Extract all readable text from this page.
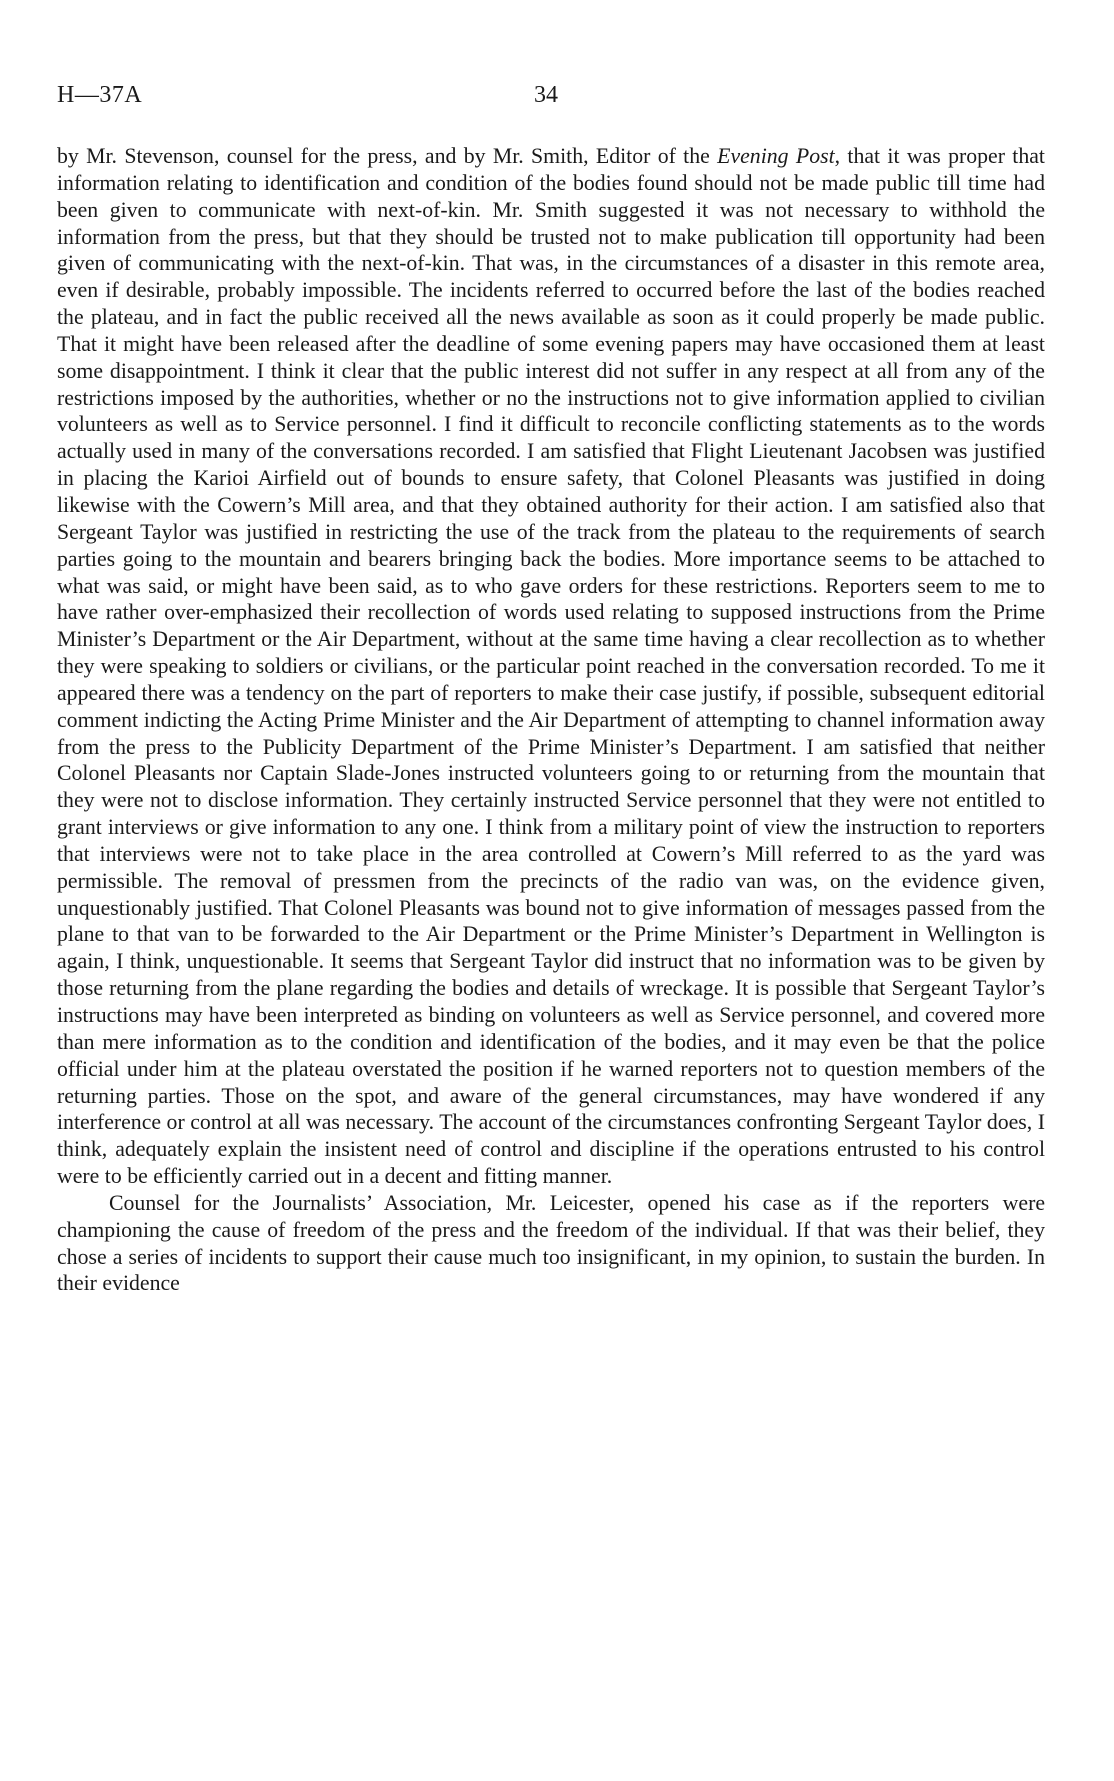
H—37A	34

by Mr. Stevenson, counsel for the press, and by Mr. Smith, Editor of the Evening Post, that it was proper that information relating to identification and condition of the bodies found should not be made public till time had been given to communicate with next-of-kin. Mr. Smith suggested it was not necessary to withhold the information from the press, but that they should be trusted not to make publication till opportunity had been given of communicating with the next-of-kin. That was, in the circumstances of a disaster in this remote area, even if desirable, probably impossible. The incidents referred to occurred before the last of the bodies reached the plateau, and in fact the public received all the news available as soon as it could properly be made public. That it might have been released after the deadline of some evening papers may have occasioned them at least some disappointment. I think it clear that the public interest did not suffer in any respect at all from any of the restrictions imposed by the authorities, whether or no the instructions not to give information applied to civilian volunteers as well as to Service personnel. I find it difficult to reconcile conflicting statements as to the words actually used in many of the conversations recorded. I am satisfied that Flight Lieutenant Jacobsen was justified in placing the Karioi Airfield out of bounds to ensure safety, that Colonel Pleasants was justified in doing likewise with the Cowern’s Mill area, and that they obtained authority for their action. I am satisfied also that Sergeant Taylor was justified in restricting the use of the track from the plateau to the requirements of search parties going to the mountain and bearers bringing back the bodies. More importance seems to be attached to what was said, or might have been said, as to who gave orders for these restrictions. Reporters seem to me to have rather over-emphasized their recollection of words used relating to supposed instructions from the Prime Minister’s Department or the Air Department, without at the same time having a clear recollection as to whether they were speaking to soldiers or civilians, or the particular point reached in the conversation recorded. To me it appeared there was a tendency on the part of reporters to make their case justify, if possible, subsequent editorial comment indicting the Acting Prime Minister and the Air Department of attempting to channel information away from the press to the Publicity Department of the Prime Minister’s Department. I am satisfied that neither Colonel Pleasants nor Captain Slade-Jones instructed volunteers going to or returning from the mountain that they were not to disclose information. They certainly instructed Service personnel that they were not entitled to grant interviews or give information to any one. I think from a military point of view the instruction to reporters that interviews were not to take place in the area controlled at Cowern’s Mill referred to as the yard was permissible. The removal of pressmen from the precincts of the radio van was, on the evidence given, unquestionably justified. That Colonel Pleasants was bound not to give information of messages passed from the plane to that van to be forwarded to the Air Department or the Prime Minister’s Department in Wellington is again, I think, unquestionable. It seems that Sergeant Taylor did instruct that no information was to be given by those returning from the plane regarding the bodies and details of wreckage. It is possible that Sergeant Taylor’s instructions may have been interpreted as binding on volunteers as well as Service personnel, and covered more than mere information as to the condition and identification of the bodies, and it may even be that the police official under him at the plateau overstated the position if he warned reporters not to question members of the returning parties. Those on the spot, and aware of the general circumstances, may have wondered if any interference or control at all was necessary. The account of the circumstances confronting Sergeant Taylor does, I think, adequately explain the insistent need of control and discipline if the operations entrusted to his control were to be efficiently carried out in a decent and fitting manner.

Counsel for the Journalists’ Association, Mr. Leicester, opened his case as if the reporters were championing the cause of freedom of the press and the freedom of the individual. If that was their belief, they chose a series of incidents to support their cause much too insignificant, in my opinion, to sustain the burden. In their evidence
